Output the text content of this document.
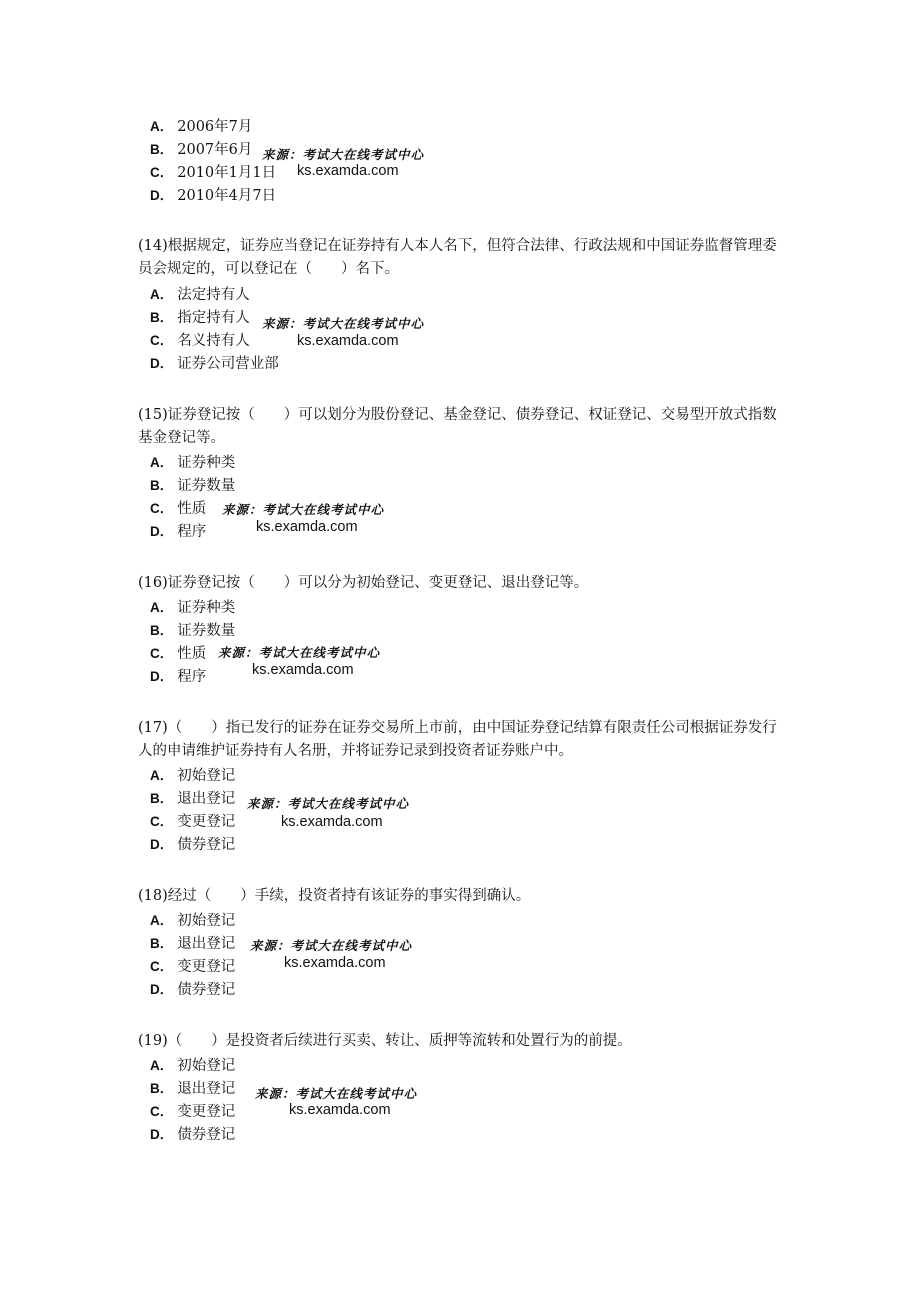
A． 2006年7月
B． 2007年6月
C． 2010年1月1日
D． 2010年4月7日
来源：考试大在线考试中心
ks.examda.com

(14)根据规定，证券应当登记在证券持有人本人名下，但符合法律、行政法规和中国证券监督管理委员会规定的，可以登记在（　　）名下。

A． 法定持有人
B． 指定持有人
C． 名义持有人
D． 证券公司营业部
来源：考试大在线考试中心
ks.examda.com

(15)证券登记按（　　）可以划分为股份登记、基金登记、债券登记、权证登记、交易型开放式指数基金登记等。

A． 证券种类
B． 证券数量
C． 性质
D． 程序
来源：考试大在线考试中心
ks.examda.com

(16)证券登记按（　　）可以分为初始登记、变更登记、退出登记等。

A． 证券种类
B． 证券数量
C． 性质
D． 程序
来源：考试大在线考试中心
ks.examda.com

(17)（　　）指已发行的证券在证券交易所上市前，由中国证券登记结算有限责任公司根据证券发行人的申请维护证券持有人名册，并将证券记录到投资者证券账户中。

A． 初始登记
B． 退出登记
C． 变更登记
D． 债券登记
来源：考试大在线考试中心
ks.examda.com

(18)经过（　　）手续，投资者持有该证券的事实得到确认。

A． 初始登记
B． 退出登记
C． 变更登记
D． 债券登记
来源：考试大在线考试中心
ks.examda.com

(19)（　　）是投资者后续进行买卖、转让、质押等流转和处置行为的前提。

A． 初始登记
B． 退出登记
C． 变更登记
D． 债券登记
来源：考试大在线考试中心
ks.examda.com
